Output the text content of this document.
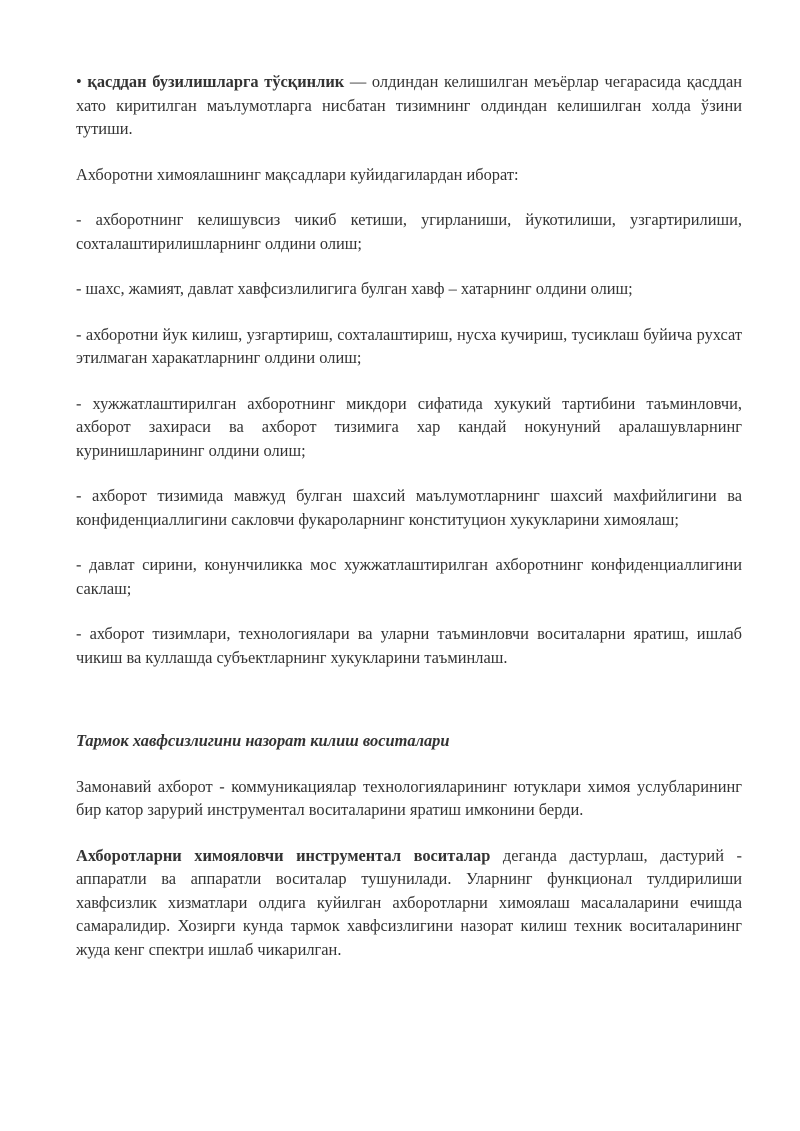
• қасддан бузилишларга тўсқинлик — олдиндан келишилган меъёрлар чегарасида қасддан хато киритилган маълумотларга нисбатан тизимнинг олдиндан келишилган холда ўзини тутиши.

Ахборотни химоялашнинг мақсадлари куйидагилардан иборат:

- ахборотнинг келишувсиз чикиб кетиши, угирланиши, йукотилиши, узгартирилиши, сохталаштирилишларнинг олдини олиш;

- шахс, жамият, давлат хавфсизлилигига булган хавф – хатарнинг олдини олиш;

- ахборотни йук килиш, узгартириш, сохталаштириш, нусха кучириш, тусиклаш буйича рухсат этилмаган харакатларнинг олдини олиш;

- хужжатлаштирилган ахборотнинг микдори сифатида хукукий тартибини таъминловчи, ахборот захираси ва ахборот тизимига хар кандай нокунуний аралашувларнинг куринишларининг олдини олиш;

- ахборот тизимида мавжуд булган шахсий маълумотларнинг шахсий махфийлигини ва конфиденциаллигини сакловчи фукароларнинг конституцион хукукларини химоялаш;

- давлат сирини, конунчиликка мос хужжатлаштирилган ахборотнинг конфиденциаллигини саклаш;

- ахборот тизимлари, технологиялари ва уларни таъминловчи воситаларни яратиш, ишлаб чикиш ва куллашда субъектларнинг хукукларини таъминлаш.

Тармок хавфсизлигини назорат килиш воситалари

Замонавий ахборот - коммуникациялар технологияларининг ютуклари химоя услубларининг бир катор зарурий инструментал воситаларини яратиш имконини берди.

Ахборотларни химояловчи инструментал воситалар деганда дастурлаш, дастурий - аппаратли ва аппаратли воситалар тушунилади. Уларнинг функционал тулдирилиши хавфсизлик хизматлари олдига куйилган ахборотларни химоялаш масалаларини ечишда самаралидир. Хозирги кунда тармок хавфсизлигини назорат килиш техник воситаларининг жуда кенг спектри ишлаб чикарилган.
